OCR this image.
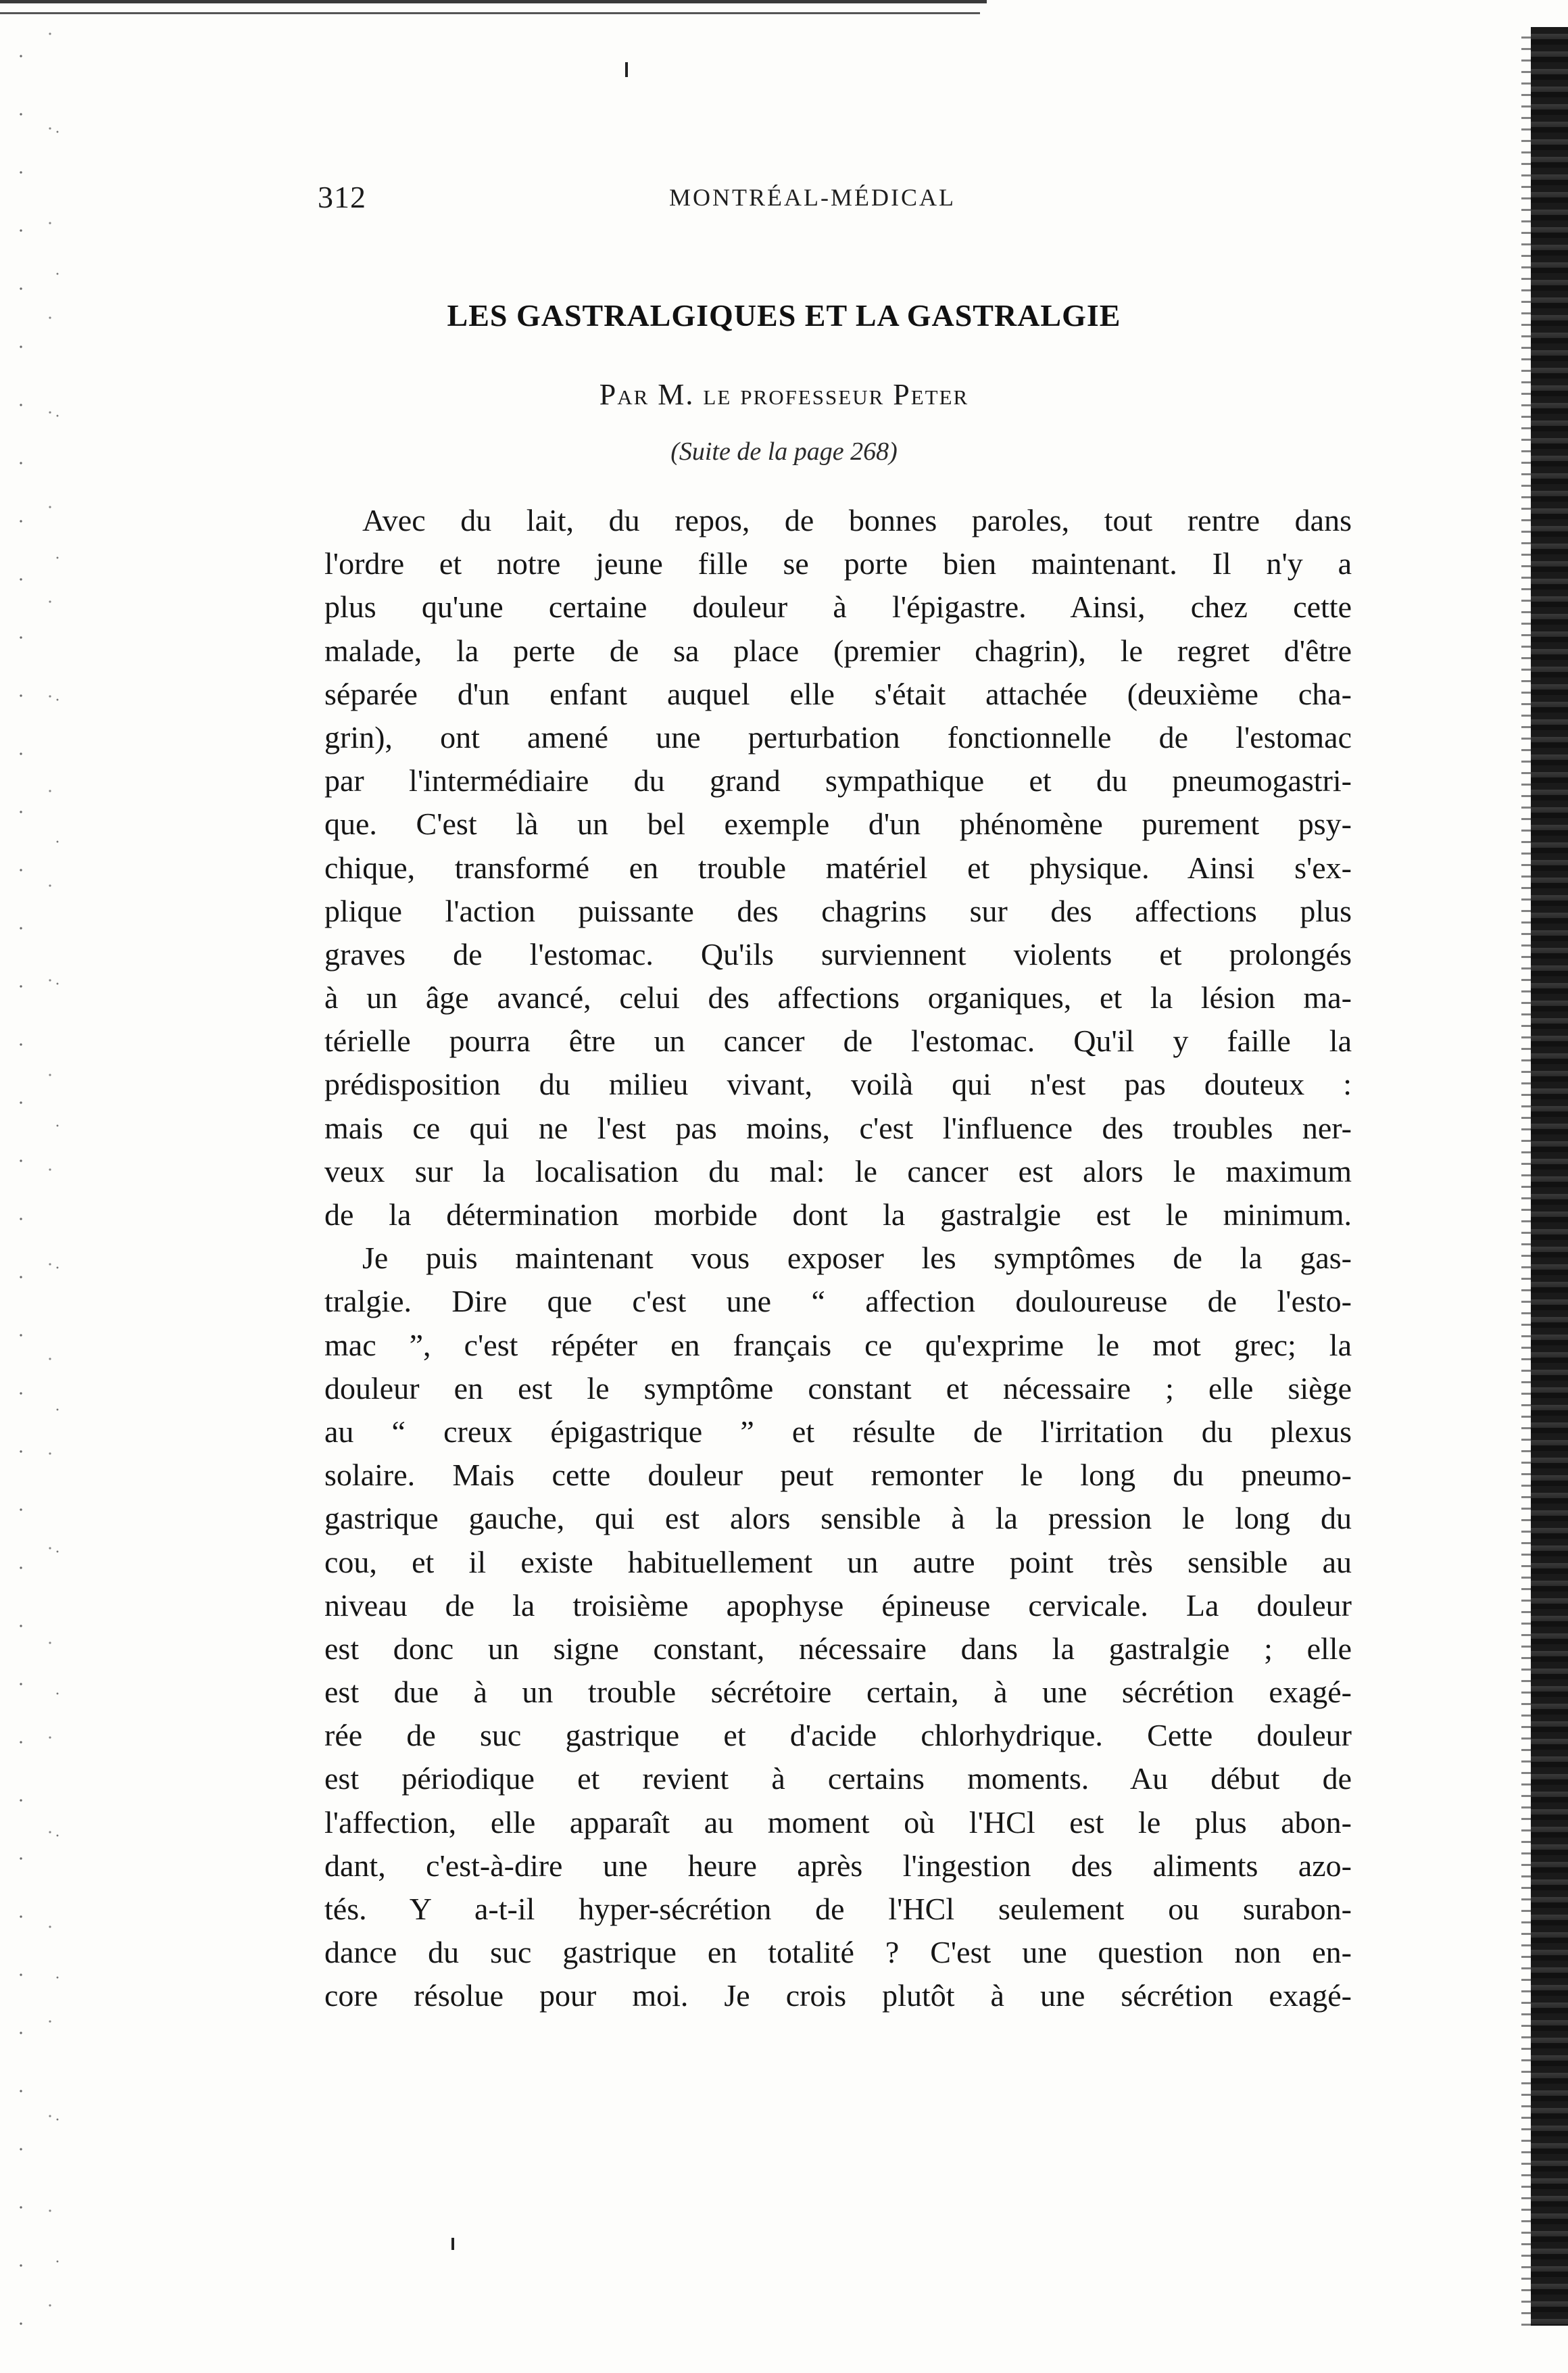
312	MONTRÉAL-MÉDICAL
LES GASTRALGIQUES ET LA GASTRALGIE
Par M. le professeur Peter
(Suite de la page 268)
Avec du lait, du repos, de bonnes paroles, tout rentre dans
l'ordre et notre jeune fille se porte bien maintenant. Il n'y a
plus qu'une certaine douleur à l'épigastre. Ainsi, chez cette
malade, la perte de sa place (premier chagrin), le regret d'être
séparée d'un enfant auquel elle s'était attachée (deuxième cha-
grin), ont amené une perturbation fonctionnelle de l'estomac
par l'intermédiaire du grand sympathique et du pneumogastri-
que. C'est là un bel exemple d'un phénomène purement psy-
chique, transformé en trouble matériel et physique. Ainsi s'ex-
plique l'action puissante des chagrins sur des affections plus
graves de l'estomac. Qu'ils surviennent violents et prolongés
à un âge avancé, celui des affections organiques, et la lésion ma-
térielle pourra être un cancer de l'estomac. Qu'il y faille la
prédisposition du milieu vivant, voilà qui n'est pas douteux :
mais ce qui ne l'est pas moins, c'est l'influence des troubles ner-
veux sur la localisation du mal: le cancer est alors le maximum
de la détermination morbide dont la gastralgie est le minimum.
Je puis maintenant vous exposer les symptômes de la gas-
tralgie. Dire que c'est une “ affection douloureuse de l'esto-
mac ”, c'est répéter en français ce qu'exprime le mot grec; la
douleur en est le symptôme constant et nécessaire ; elle siège
au “ creux épigastrique ” et résulte de l'irritation du plexus
solaire. Mais cette douleur peut remonter le long du pneumo-
gastrique gauche, qui est alors sensible à la pression le long du
cou, et il existe habituellement un autre point très sensible au
niveau de la troisième apophyse épineuse cervicale. La douleur
est donc un signe constant, nécessaire dans la gastralgie ; elle
est due à un trouble sécrétoire certain, à une sécrétion exagé-
rée de suc gastrique et d'acide chlorhydrique. Cette douleur
est périodique et revient à certains moments. Au début de
l'affection, elle apparaît au moment où l'HCl est le plus abon-
dant, c'est-à-dire une heure après l'ingestion des aliments azo-
tés. Y a-t-il hyper-sécrétion de l'HCl seulement ou surabon-
dance du suc gastrique en totalité ? C'est une question non en-
core résolue pour moi. Je crois plutôt à une sécrétion exagé-
